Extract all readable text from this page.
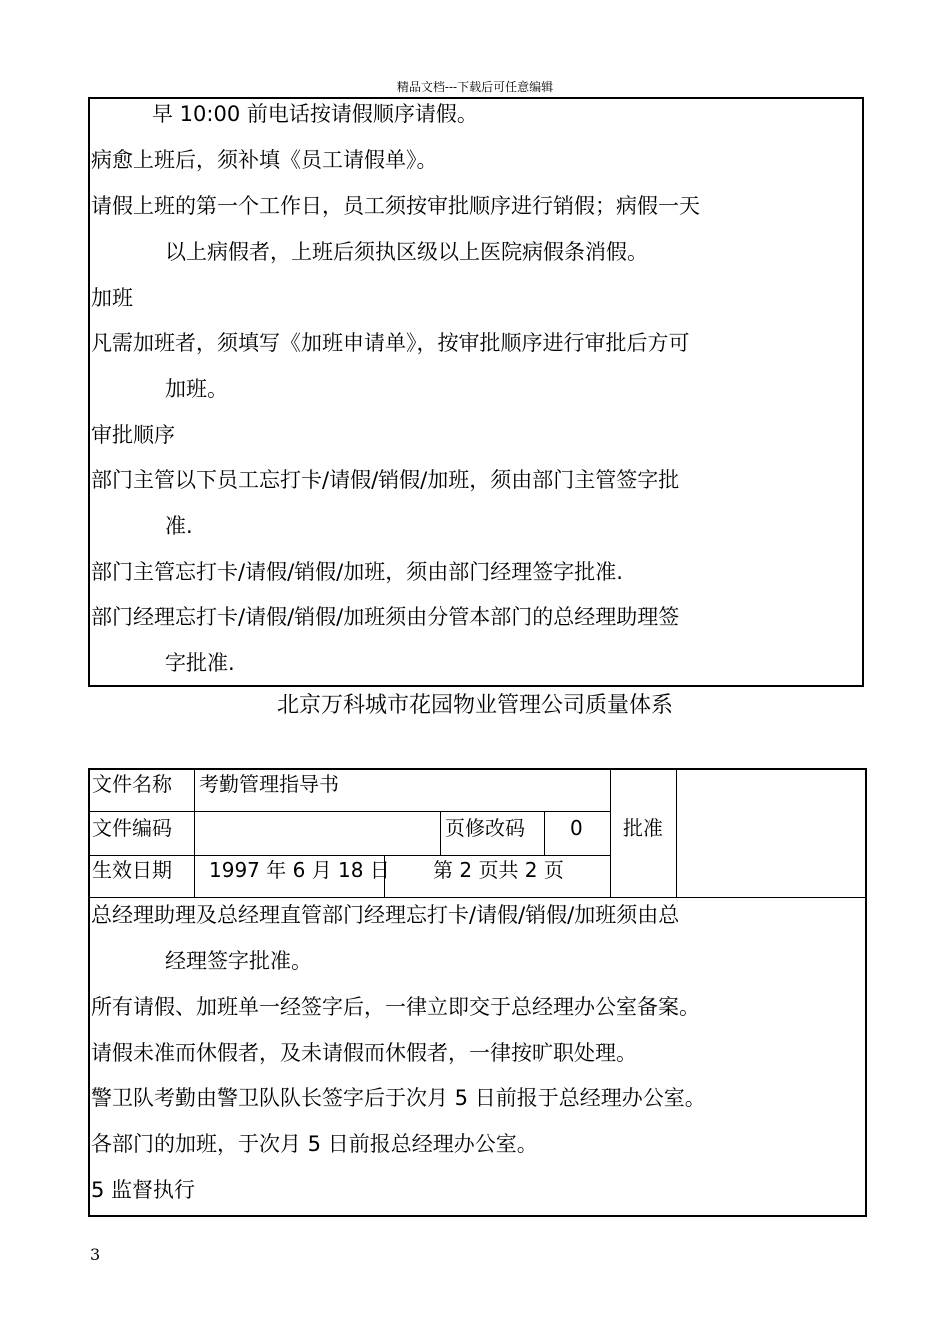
精品文档---下载后可任意编辑
早 10:00 前电话按请假顺序请假。
病愈上班后，须补填《员工请假单》。
请假上班的第一个工作日，员工须按审批顺序进行销假；病假一天
以上病假者，上班后须执区级以上医院病假条消假。
加班
凡需加班者，须填写《加班申请单》，按审批顺序进行审批后方可
加班。
审批顺序
部门主管以下员工忘打卡/请假/销假/加班，须由部门主管签字批
准.
部门主管忘打卡/请假/销假/加班，须由部门经理签字批准.
部门经理忘打卡/请假/销假/加班须由分管本部门的总经理助理签
字批准.
北京万科城市花园物业管理公司质量体系
文件名称 考勤管理指导书
文件编码	页修改码 0
生效日期 1997 年 6 月 18 日 第 2 页共 2 页
批准
总经理助理及总经理直管部门经理忘打卡/请假/销假/加班须由总
经理签字批准。
所有请假、加班单一经签字后，一律立即交于总经理办公室备案。
请假未准而休假者，及未请假而休假者，一律按旷职处理。
警卫队考勤由警卫队队长签字后于次月 5 日前报于总经理办公室。
各部门的加班，于次月 5 日前报总经理办公室。
5 监督执行
3
